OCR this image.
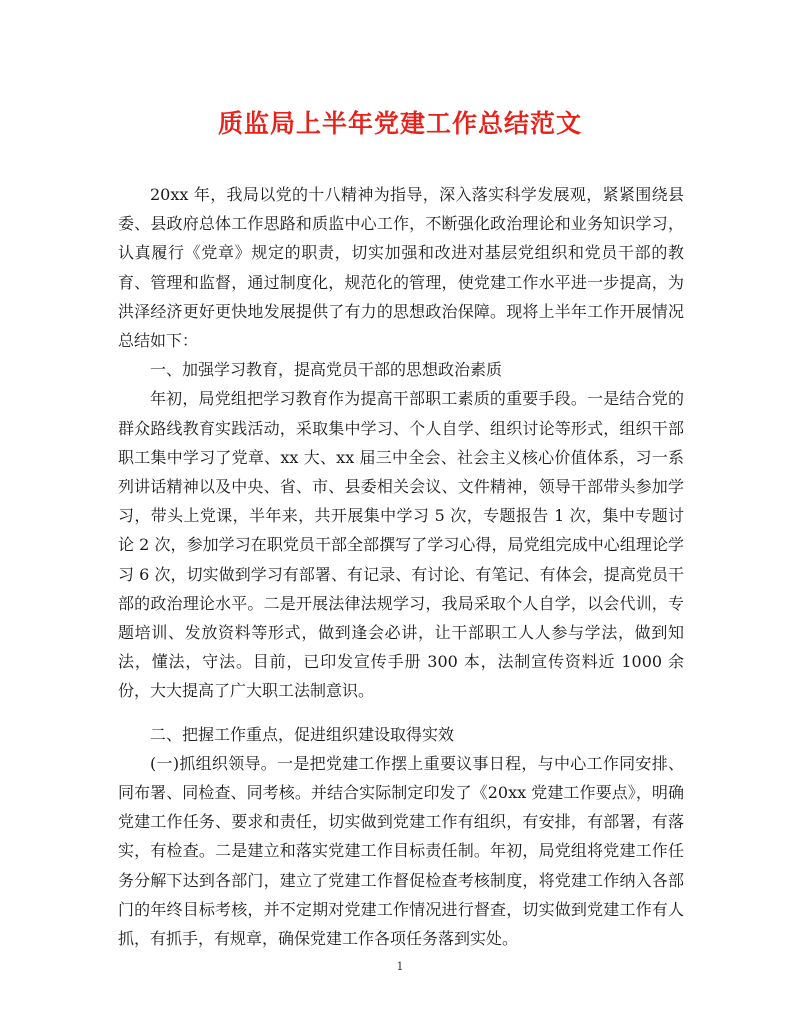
质监局上半年党建工作总结范文

20xx 年，我局以党的十八精神为指导，深入落实科学发展观，紧紧围绕县委、县政府总体工作思路和质监中心工作，不断强化政治理论和业务知识学习，认真履行《党章》规定的职责，切实加强和改进对基层党组织和党员干部的教育、管理和监督，通过制度化，规范化的管理，使党建工作水平进一步提高，为洪泽经济更好更快地发展提供了有力的思想政治保障。现将上半年工作开展情况总结如下：

一、加强学习教育，提高党员干部的思想政治素质

年初，局党组把学习教育作为提高干部职工素质的重要手段。一是结合党的群众路线教育实践活动，采取集中学习、个人自学、组织讨论等形式，组织干部职工集中学习了党章、xx 大、xx 届三中全会、社会主义核心价值体系，习一系列讲话精神以及中央、省、市、县委相关会议、文件精神，领导干部带头参加学习，带头上党课，半年来，共开展集中学习 5 次，专题报告 1 次，集中专题讨论 2 次，参加学习在职党员干部全部撰写了学习心得，局党组完成中心组理论学习 6 次，切实做到学习有部署、有记录、有讨论、有笔记、有体会，提高党员干部的政治理论水平。二是开展法律法规学习，我局采取个人自学，以会代训，专题培训、发放资料等形式，做到逢会必讲，让干部职工人人参与学法，做到知法，懂法，守法。目前，已印发宣传手册 300 本，法制宣传资料近 1000 余份，大大提高了广大职工法制意识。

二、把握工作重点，促进组织建设取得实效

(一)抓组织领导。一是把党建工作摆上重要议事日程，与中心工作同安排、同布署、同检查、同考核。并结合实际制定印发了《20xx 党建工作要点》，明确党建工作任务、要求和责任，切实做到党建工作有组织，有安排，有部署，有落实，有检查。二是建立和落实党建工作目标责任制。年初，局党组将党建工作任务分解下达到各部门，建立了党建工作督促检查考核制度，将党建工作纳入各部门的年终目标考核，并不定期对党建工作情况进行督查，切实做到党建工作有人抓，有抓手，有规章，确保党建工作各项任务落到实处。

1
